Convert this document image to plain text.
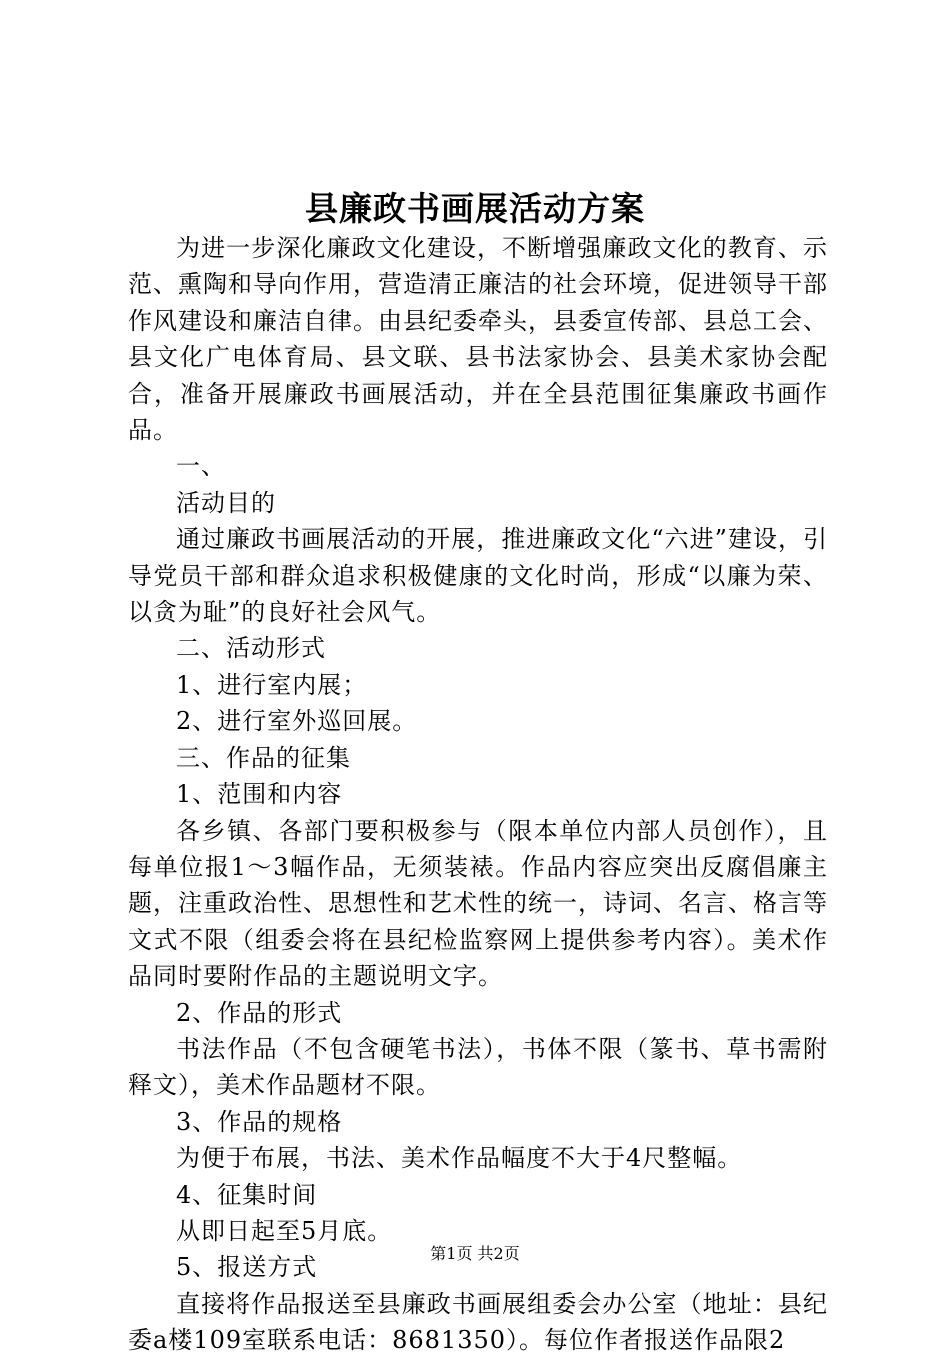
县廉政书画展活动方案

为进一步深化廉政文化建设，不断增强廉政文化的教育、示范、熏陶和导向作用，营造清正廉洁的社会环境，促进领导干部作风建设和廉洁自律。由县纪委牵头，县委宣传部、县总工会、县文化广电体育局、县文联、县书法家协会、县美术家协会配合，准备开展廉政书画展活动，并在全县范围征集廉政书画作品。

一、

活动目的

通过廉政书画展活动的开展，推进廉政文化“六进”建设，引导党员干部和群众追求积极健康的文化时尚，形成“以廉为荣、以贪为耻”的良好社会风气。

二、活动形式

1、进行室内展；

2、进行室外巡回展。

三、作品的征集

1、范围和内容

各乡镇、各部门要积极参与（限本单位内部人员创作），且每单位报1～3幅作品，无须装裱。作品内容应突出反腐倡廉主题，注重政治性、思想性和艺术性的统一，诗词、名言、格言等文式不限（组委会将在县纪检监察网上提供参考内容）。美术作品同时要附作品的主题说明文字。

2、作品的形式

书法作品（不包含硬笔书法），书体不限（篆书、草书需附释文），美术作品题材不限。

3、作品的规格

为便于布展，书法、美术作品幅度不大于4尺整幅。

4、征集时间

从即日起至5月底。

5、报送方式

直接将作品报送至县廉政书画展组委会办公室（地址：县纪委a楼109室联系电话：8681350）。每位作者报送作品限2

第1页 共2页
